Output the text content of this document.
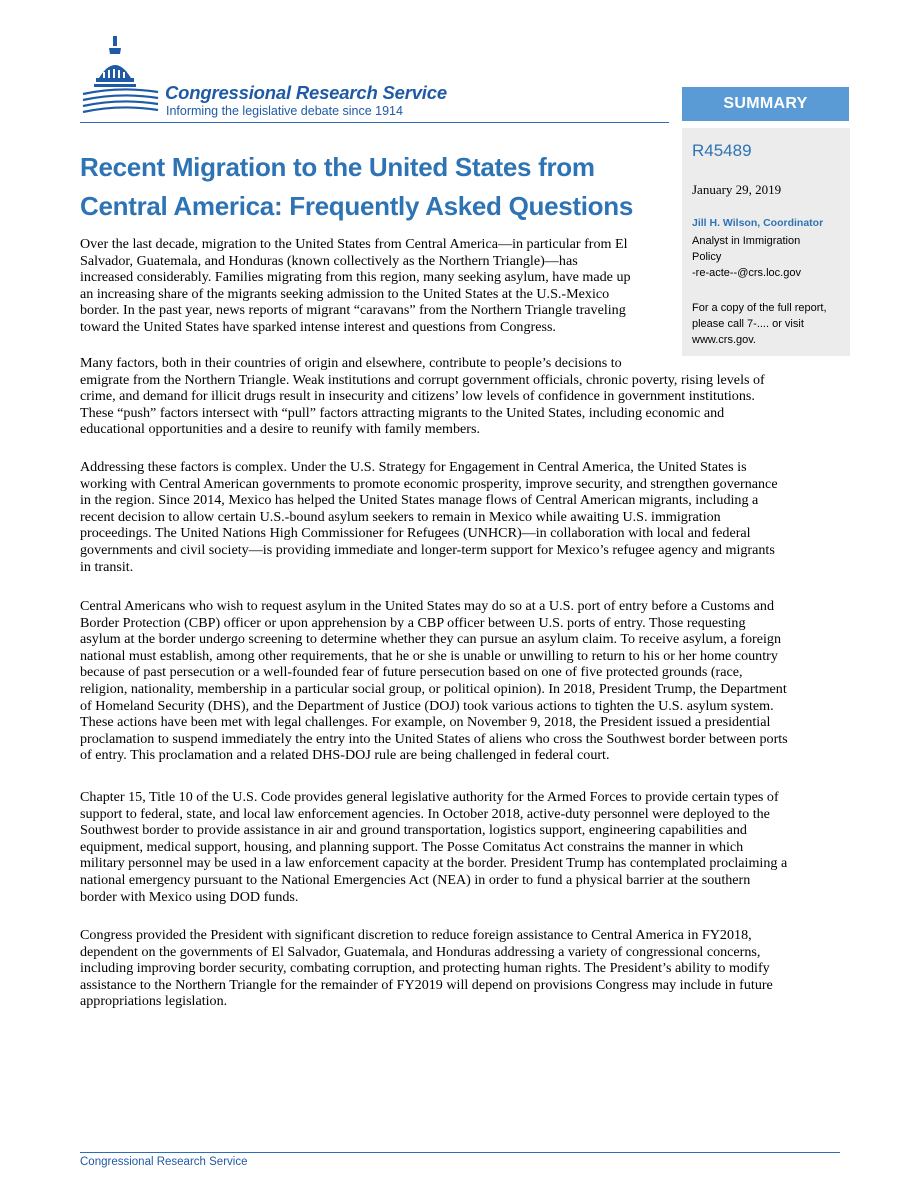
Congressional Research Service
Informing the legislative debate since 1914	SUMMARY
R45489
January 29, 2019
Jill H. Wilson, Coordinator
Analyst in Immigration
Policy
-re-acte--@crs.loc.gov
For a copy of the full report,
please call 7-.... or visit
www.crs.gov.
Recent Migration to the United States from
Central America: Frequently Asked Questions

Over the last decade, migration to the United States from Central America—in particular from El
Salvador, Guatemala, and Honduras (known collectively as the Northern Triangle)—has
increased considerably. Families migrating from this region, many seeking asylum, have made up
an increasing share of the migrants seeking admission to the United States at the U.S.-Mexico
border. In the past year, news reports of migrant “caravans” from the Northern Triangle traveling
toward the United States have sparked intense interest and questions from Congress.

Many factors, both in their countries of origin and elsewhere, contribute to people’s decisions to
emigrate from the Northern Triangle. Weak institutions and corrupt government officials, chronic poverty, rising levels of
crime, and demand for illicit drugs result in insecurity and citizens’ low levels of confidence in government institutions.
These “push” factors intersect with “pull” factors attracting migrants to the United States, including economic and
educational opportunities and a desire to reunify with family members.

Addressing these factors is complex. Under the U.S. Strategy for Engagement in Central America, the United States is
working with Central American governments to promote economic prosperity, improve security, and strengthen governance
in the region. Since 2014, Mexico has helped the United States manage flows of Central American migrants, including a
recent decision to allow certain U.S.-bound asylum seekers to remain in Mexico while awaiting U.S. immigration
proceedings. The United Nations High Commissioner for Refugees (UNHCR)—in collaboration with local and federal
governments and civil society—is providing immediate and longer-term support for Mexico’s refugee agency and migrants
in transit.

Central Americans who wish to request asylum in the United States may do so at a U.S. port of entry before a Customs and
Border Protection (CBP) officer or upon apprehension by a CBP officer between U.S. ports of entry. Those requesting
asylum at the border undergo screening to determine whether they can pursue an asylum claim. To receive asylum, a foreign
national must establish, among other requirements, that he or she is unable or unwilling to return to his or her home country
because of past persecution or a well-founded fear of future persecution based on one of five protected grounds (race,
religion, nationality, membership in a particular social group, or political opinion). In 2018, President Trump, the Department
of Homeland Security (DHS), and the Department of Justice (DOJ) took various actions to tighten the U.S. asylum system.
These actions have been met with legal challenges. For example, on November 9, 2018, the President issued a presidential
proclamation to suspend immediately the entry into the United States of aliens who cross the Southwest border between ports
of entry. This proclamation and a related DHS-DOJ rule are being challenged in federal court.

Chapter 15, Title 10 of the U.S. Code provides general legislative authority for the Armed Forces to provide certain types of
support to federal, state, and local law enforcement agencies. In October 2018, active-duty personnel were deployed to the
Southwest border to provide assistance in air and ground transportation, logistics support, engineering capabilities and
equipment, medical support, housing, and planning support. The Posse Comitatus Act constrains the manner in which
military personnel may be used in a law enforcement capacity at the border. President Trump has contemplated proclaiming a
national emergency pursuant to the National Emergencies Act (NEA) in order to fund a physical barrier at the southern
border with Mexico using DOD funds.

Congress provided the President with significant discretion to reduce foreign assistance to Central America in FY2018,
dependent on the governments of El Salvador, Guatemala, and Honduras addressing a variety of congressional concerns,
including improving border security, combating corruption, and protecting human rights. The President’s ability to modify
assistance to the Northern Triangle for the remainder of FY2019 will depend on provisions Congress may include in future
appropriations legislation.

Congressional Research Service
